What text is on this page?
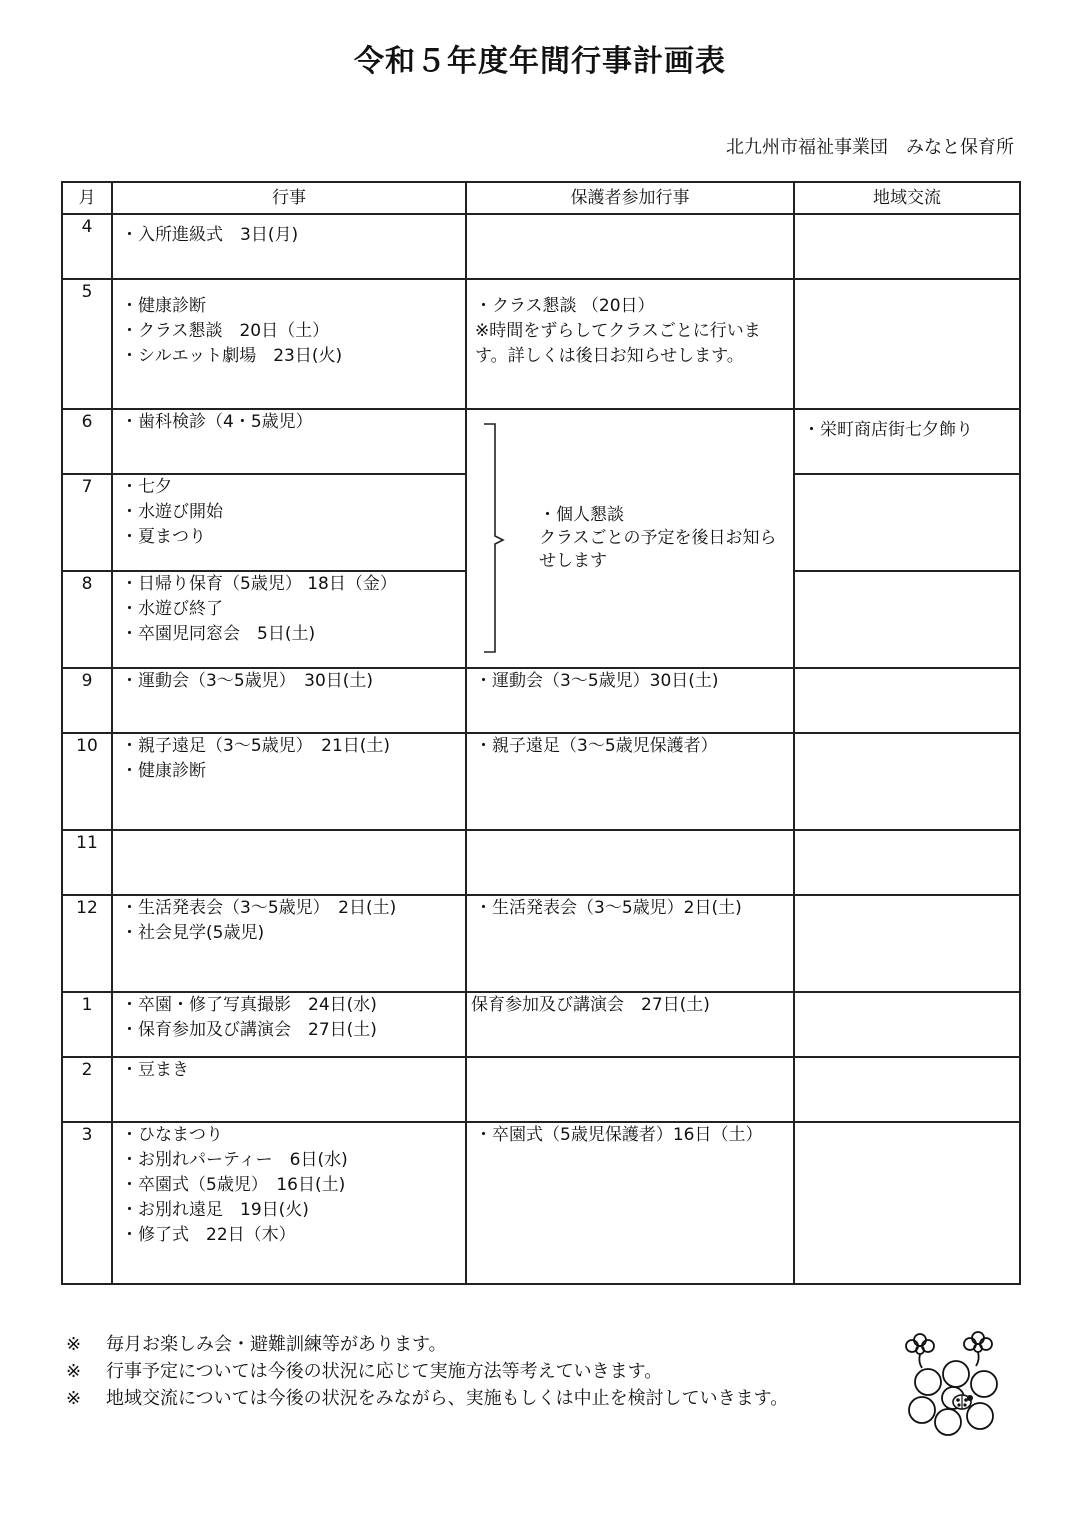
令和５年度年間行事計画表
北九州市福祉事業団　みなと保育所
月	行事	保護者参加行事	地域交流
4	・入所進級式　3日(月)		

5	・健康診断
・クラス懇談　20日（土）
・シルエット劇場　23日(火)	・クラス懇談 （20日）
※時間をずらしてクラスごとに行います。詳しくは後日お知らせします。	

6	・歯科検診（4・5歳児）	・個人懇談
クラスごとの予定を後日お知らせします	・栄町商店街七夕飾り

7	・七夕
・水遊び開始
・夏まつり		

8	・日帰り保育（5歳児） 18日（金）
・水遊び終了
・卒園児同窓会　5日(土)		

9	・運動会（3〜5歳児）　30日(土)	・運動会（3〜5歳児）30日(土)	

10	・親子遠足（3〜5歳児）　21日(土)
・健康診断	・親子遠足（3〜5歳児保護者）	

11	

12	・生活発表会（3〜5歳児）　2日(土)
・社会見学(5歳児)	・生活発表会（3〜5歳児）2日(土)	

1	・卒園・修了写真撮影　24日(水)
・保育参加及び講演会　27日(土)	保育参加及び講演会　27日(土)	

2	・豆まき		

3	・ひなまつり
・お別れパーティー　6日(水)
・卒園式（5歳児）　16日(土)
・お別れ遠足　19日(火)
・修了式　22日（木）	・卒園式（5歳児保護者）16日（土）	

※	毎月お楽しみ会・避難訓練等があります。
※	行事予定については今後の状況に応じて実施方法等考えていきます。
※	地域交流については今後の状況をみながら、実施もしくは中止を検討していきます。
